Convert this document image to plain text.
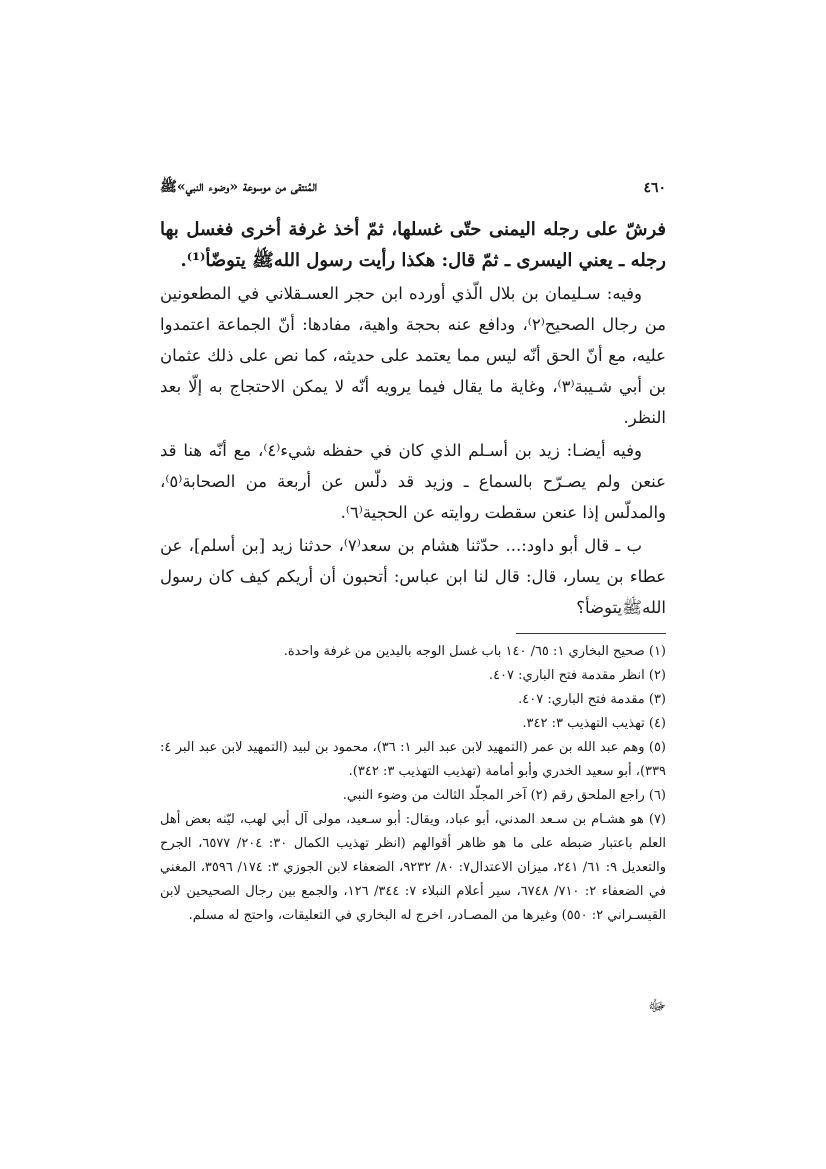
٤٦٠
المُنتقى من موسوعة «وضوء النبي»ﷺ

فرشّ على رجله اليمنى حتّى غسلها، ثمّ أخذ غرفة أخرى فغسل بها رجله ـ يعني اليسرى ـ ثمّ قال: هكذا رأيت رسول اللهﷺ يتوضّأ⁽¹⁾.

وفيه: سـليمان بن بلال الّذي أورده ابن حجر العسـقلاني في المطعونين من رجال الصحيح⁽٢⁾، ودافع عنه بحجة واهية، مفادها: أنّ الجماعة اعتمدوا عليه، مع أنّ الحق أنّه ليس مما يعتمد على حديثه، كما نص على ذلك عثمان بن أبي شـيبة⁽٣⁾، وغاية ما يقال فيما يرويه أنّه لا يمكن الاحتجاج به إلّا بعد النظر.

وفيه أيضـا: زيد بن أسـلم الذي كان في حفظه شيء⁽٤⁾، مع أنّه هنا قد عنعن ولم يصـرّح بالسماع ـ وزيد قد دلّس عن أربعة من الصحابة⁽٥⁾، والمدلّس إذا عنعن سقطت روايته عن الحجية⁽٦⁾.

ب ـ قال أبو داود:... حدّثنا هشام بن سعد⁽٧⁾، حدثنا زيد [بن أسلم]، عن عطاء بن يسار، قال: قال لنا ابن عباس: أتحبون أن أريكم كيف كان رسول اللهﷺيتوضأ؟

(١) صحيح البخاري ١: ٦٥/ ١٤٠ باب غسل الوجه باليدين من غرفة واحدة.

(٢) انظر مقدمة فتح الباري: ٤٠٧.

(٣) مقدمة فتح الباري: ٤٠٧.

(٤) تهذيب التهذيب ٣: ٣٤٢.

(٥) وهم عبد الله بن عمر (التمهيد لابن عبد البر ١: ٣٦)، محمود بن لبيد (التمهيد لابن عبد البر ٤: ٣٣٩)، أبو سعيد الخدري وأبو أمامة (تهذيب التهذيب ٣: ٣٤٢).

(٦) راجع الملحق رقم (٢) آخر المجلّد الثالث من وضوء النبي.

(٧) هو هشـام بن سـعد المدني، أبو عباد، ويقال: أبو سـعيد، مولى آل أبي لهب، ليّنه بعض أهل العلم باعتبار ضبطه على ما هو ظاهر أقوالهم (انظر تهذيب الكمال ٣٠: ٢٠٤/ ٦٥٧٧، الجرح والتعديل ٩: ٦١/ ٢٤١، ميزان الاعتدال٧: ٨٠/ ٩٢٣٢، الضعفاء لابن الجوزي ٣: ١٧٤/ ٣٥٩٦، المغني في الضعفاء ٢: ٧١٠/ ٦٧٤٨، سير أعلام النبلاء ٧: ٣٤٤/ ١٢٦، والجمع بين رجال الصحيحين لابن القيسـراني ٢: ٥٥٠) وغيرها من المصـادر، اخرج له البخاري في التعليقات، واحتج له مسلم.

ﷻ
